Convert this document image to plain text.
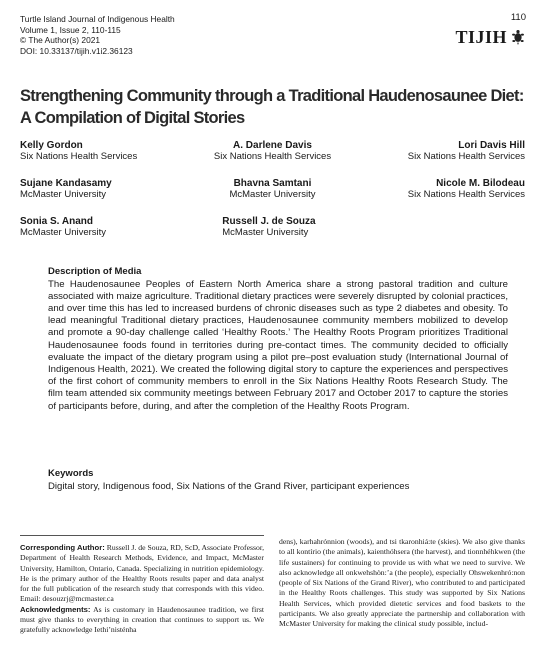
Turtle Island Journal of Indigenous Health
Volume 1, Issue 2, 110-115
© The Author(s) 2021
DOI: 10.33137/tijih.v1i2.36123
110
TIJIH
Strengthening Community through a Traditional Haudenosaunee Diet: A Compilation of Digital Stories
Kelly Gordon
Six Nations Health Services
A. Darlene Davis
Six Nations Health Services
Lori Davis Hill
Six Nations Health Services
Sujane Kandasamy
McMaster University
Bhavna Samtani
McMaster University
Nicole M. Bilodeau
Six Nations Health Services
Sonia S. Anand
McMaster University
Russell J. de Souza
McMaster University
Description of Media

The Haudenosaunee Peoples of Eastern North America share a strong pastoral tradition and culture associated with maize agriculture. Traditional dietary practices were severely disrupted by colonial practices, and over time this has led to increased burdens of chronic diseases such as type 2 diabetes and obesity. To lead meaningful Traditional dietary practices, Haudenosaunee community members mobilized to develop and promote a 90-day challenge called ‘Healthy Roots.’ The Healthy Roots Program prioritizes Traditional Haudenosaunee foods found in territories during pre-contact times. The community decided to officially evaluate the impact of the dietary program using a pilot pre–post evaluation study (International Journal of Indigenous Health, 2021). We created the following digital story to capture the experiences and perspectives of the first cohort of community members to enroll in the Six Nations Healthy Roots Research Study. The film team attended six community meetings between February 2017 and October 2017 to capture the stories of participants before, during, and after the completion of the Healthy Roots Program.

Keywords

Digital story, Indigenous food, Six Nations of the Grand River, participant experiences

Corresponding Author: Russell J. de Souza, RD, ScD, Associate Professor, Department of Health Research Methods, Evidence, and Impact, McMaster University, Hamilton, Ontario, Canada. Specializing in nutrition epidemiology. He is the primary author of the Healthy Roots results paper and data analyst for the full publication of the research study that corresponds with this video. Email: desouzrj@mcmaster.ca

Acknowledgments: As is customary in Haudenosaunee tradition, we first must give thanks to everything in creation that continues to support us. We gratefully acknowledge Iethi’nisténha

dens), karhahrónnion (woods), and tsi tkaronhiá:te (skies). We also give thanks to all kontírio (the animals), kaienthóhsera (the harvest), and tionnhéhkwen (the life sustainers) for continuing to provide us with what we need to survive. We also acknowledge all onkwehshòn:’a (the people), especially Ohswekenhró:non (people of Six Nations of the Grand River), who contributed to and participated in the Healthy Roots challenges. This study was supported by Six Nations Health Services, which provided dietetic services and food baskets to the participants. We also greatly appreciate the partnership and collaboration with McMaster University for making the clinical study possible, includ-
